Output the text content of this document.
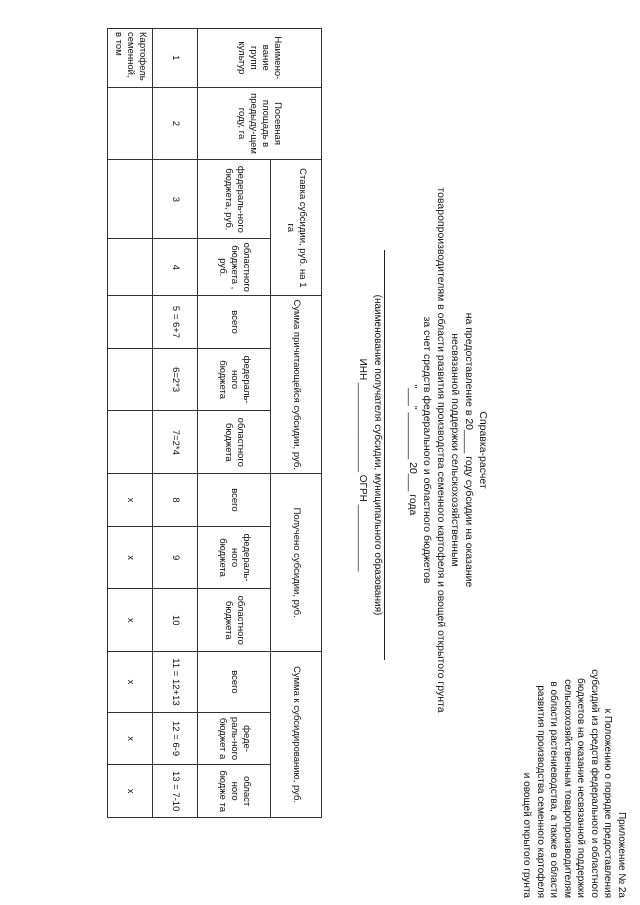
Приложение № 2а
к Положению о порядке предоставления
субсидий из средств федерального и областного
бюджетов на оказание несвязанной поддержки
сельскохозяйственным товаропроизводителям
в области растениеводства, а также в области
развития производства семенного картофеля
и овощей открытого грунта
Справка-расчет
на предоставление в 20____ году субсидии на оказание
несвязанной поддержки сельскохозяйственным
товаропроизводителям в области развития производства семенного картофеля и овощей открытого грунта
за счет средств федерального и областного бюджетов
"___" ________ 20___ года
(наименование получателя субсидии, муниципального образования)
ИНН ________________ ОГРН ____________
Наимено-вание групп культур	Посевная площадь в предыду-щем году, га	Ставка субсидии, руб. на 1 га		Сумма причитающейся субсидии, руб.			Получено субсидии, руб.			Сумма к субсидированию, руб.		
		федераль-ного бюджета, руб.	областного бюджета , руб.	всего	федераль-ного бюджета	областного бюджета	всего	федераль-ного бюджета	областного бюджета	всего	феде-раль-ного бюджет а	област ного бюдже та
1	2	3	4	5 = 6+7	6=2*3	7=2*4	8	9	10	11 = 12+13	12 = 6-9	13 = 7-10
Картофель семенной, в том							х	х	х	х	х	х
